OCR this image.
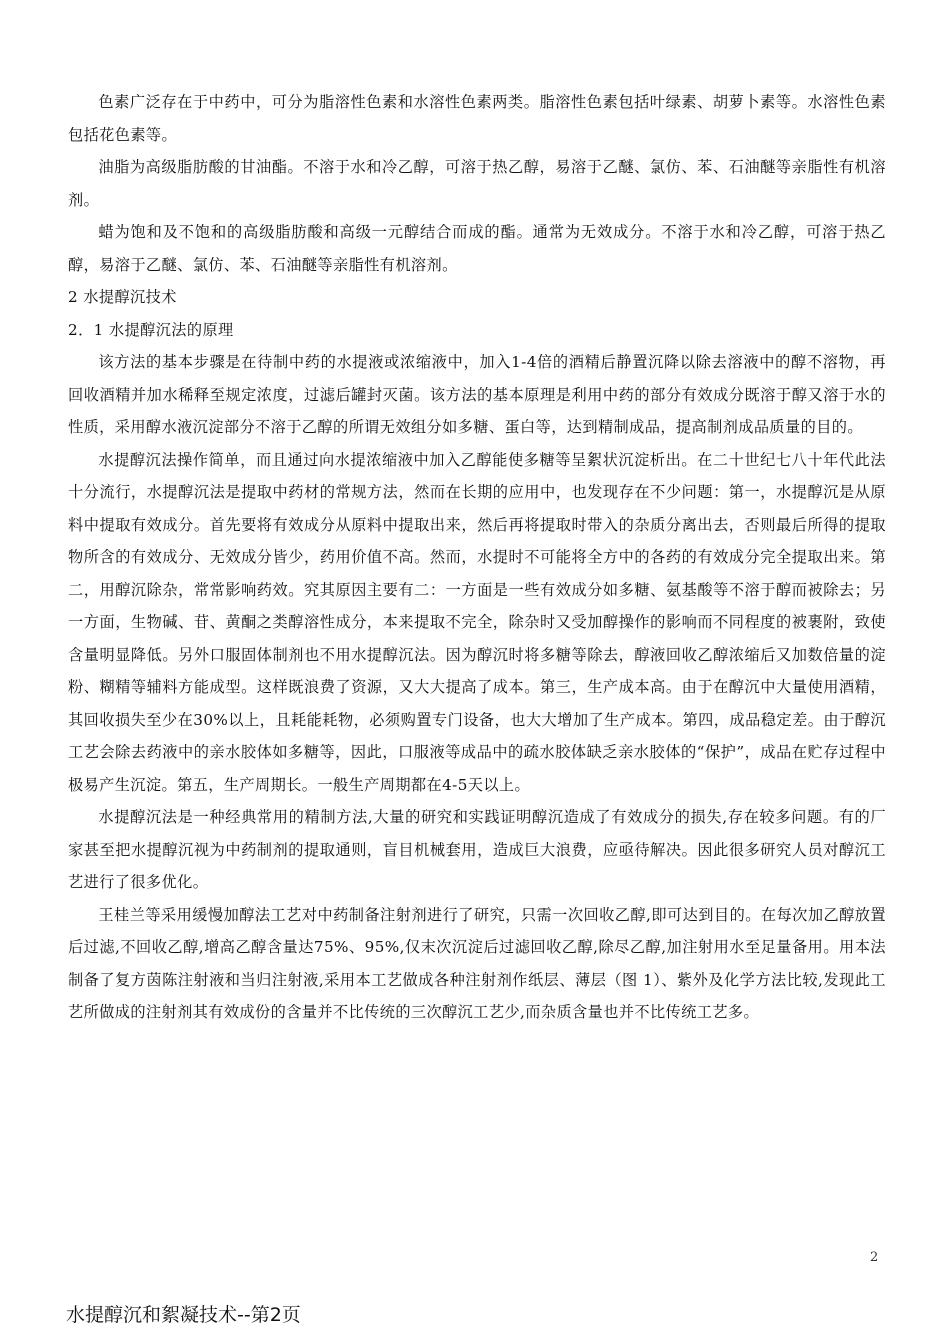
色素广泛存在于中药中，可分为脂溶性色素和水溶性色素两类。脂溶性色素包括叶绿素、胡萝卜素等。水溶性色素包括花色素等。

油脂为高级脂肪酸的甘油酯。不溶于水和冷乙醇，可溶于热乙醇，易溶于乙醚、氯仿、苯、石油醚等亲脂性有机溶剂。

蜡为饱和及不饱和的高级脂肪酸和高级一元醇结合而成的酯。通常为无效成分。不溶于水和冷乙醇，可溶于热乙醇，易溶于乙醚、氯仿、苯、石油醚等亲脂性有机溶剂。

2 水提醇沉技术

2．1 水提醇沉法的原理

该方法的基本步骤是在待制中药的水提液或浓缩液中，加入1-4倍的酒精后静置沉降以除去溶液中的醇不溶物，再回收酒精并加水稀释至规定浓度，过滤后罐封灭菌。该方法的基本原理是利用中药的部分有效成分既溶于醇又溶于水的性质，采用醇水液沉淀部分不溶于乙醇的所谓无效组分如多糖、蛋白等，达到精制成品，提高制剂成品质量的目的。

水提醇沉法操作简单，而且通过向水提浓缩液中加入乙醇能使多糖等呈絮状沉淀析出。在二十世纪七八十年代此法十分流行，水提醇沉法是提取中药材的常规方法，然而在长期的应用中，也发现存在不少问题：第一，水提醇沉是从原料中提取有效成分。首先要将有效成分从原料中提取出来，然后再将提取时带入的杂质分离出去，否则最后所得的提取物所含的有效成分、无效成分皆少，药用价值不高。然而，水提时不可能将全方中的各药的有效成分完全提取出来。第二，用醇沉除杂，常常影响药效。究其原因主要有二：一方面是一些有效成分如多糖、氨基酸等不溶于醇而被除去；另一方面，生物碱、苷、黄酮之类醇溶性成分，本来提取不完全，除杂时又受加醇操作的影响而不同程度的被裹附，致使含量明显降低。另外口服固体制剂也不用水提醇沉法。因为醇沉时将多糖等除去，醇液回收乙醇浓缩后又加数倍量的淀粉、糊精等辅料方能成型。这样既浪费了资源，又大大提高了成本。第三，生产成本高。由于在醇沉中大量使用酒精，其回收损失至少在30%以上，且耗能耗物，必须购置专门设备，也大大增加了生产成本。第四，成品稳定差。由于醇沉工艺会除去药液中的亲水胶体如多糖等，因此，口服液等成品中的疏水胶体缺乏亲水胶体的“保护”，成品在贮存过程中极易产生沉淀。第五，生产周期长。一般生产周期都在4-5天以上。

水提醇沉法是一种经典常用的精制方法,大量的研究和实践证明醇沉造成了有效成分的损失,存在较多问题。有的厂家甚至把水提醇沉视为中药制剂的提取通则，盲目机械套用，造成巨大浪费，应亟待解决。因此很多研究人员对醇沉工艺进行了很多优化。

王桂兰等采用缓慢加醇法工艺对中药制备注射剂进行了研究，只需一次回收乙醇,即可达到目的。在每次加乙醇放置后过滤,不回收乙醇,增高乙醇含量达75%、95%,仅末次沉淀后过滤回收乙醇,除尽乙醇,加注射用水至足量备用。用本法制备了复方茵陈注射液和当归注射液,采用本工艺做成各种注射剂作纸层、薄层（图 1）、紫外及化学方法比较,发现此工艺所做成的注射剂其有效成份的含量并不比传统的三次醇沉工艺少,而杂质含量也并不比传统工艺多。

2
水提醇沉和絮凝技术--第2页
